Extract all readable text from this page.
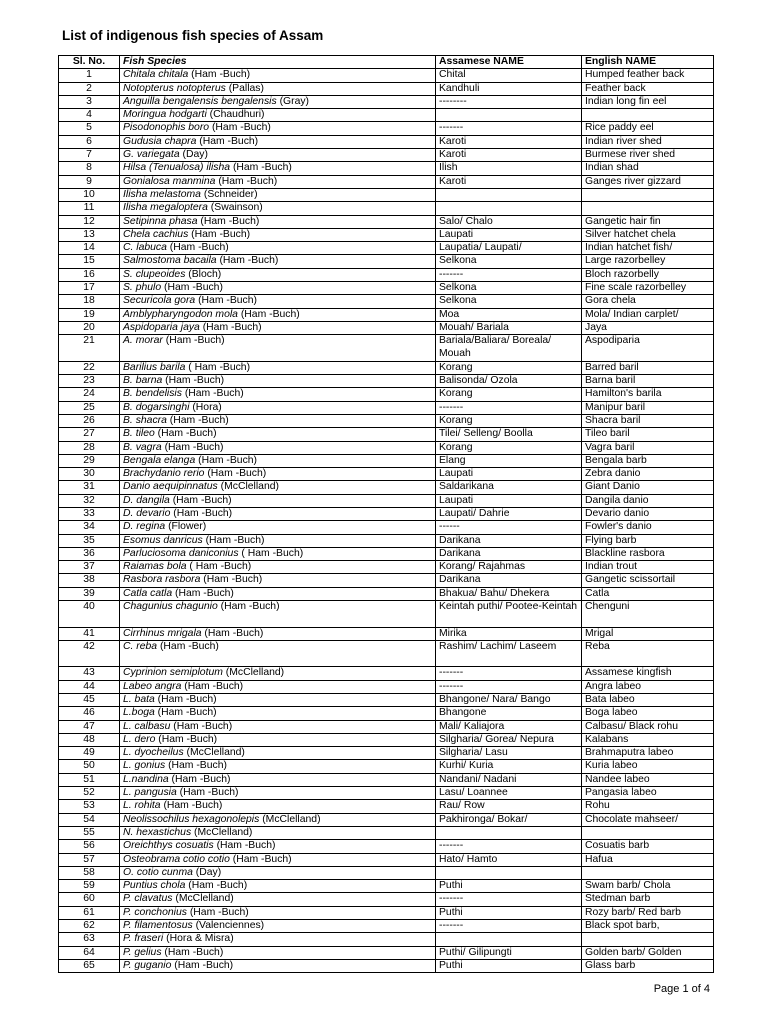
List of indigenous fish species of Assam
Sl. No.	Fish Species	Assamese NAME	English NAME
1	Chitala chitala (Ham -Buch)	Chital	Humped feather back
2	Notopterus notopterus (Pallas)	Kandhuli	Feather back
3	Anguilla bengalensis bengalensis (Gray)	--------	Indian long fin eel
4	Moringua hodgarti (Chaudhuri)		
5	Pisodonophis boro (Ham -Buch)	-------	Rice paddy eel
6	Gudusia chapra (Ham -Buch)	Karoti	Indian river shed
7	G. variegata (Day)	Karoti	Burmese river shed
8	Hilsa (Tenualosa) ilisha (Ham -Buch)	Ilish	Indian shad
9	Gonialosa manmina (Ham -Buch)	Karoti	Ganges river gizzard
10	Ilisha melastoma (Schneider)		
11	Ilisha megaloptera (Swainson)		
12	Setipinna phasa (Ham -Buch)	Salo/ Chalo	Gangetic hair fin
13	Chela cachius (Ham -Buch)	Laupati	Silver hatchet chela
14	C. labuca (Ham -Buch)	Laupatia/ Laupati/	Indian hatchet fish/
15	Salmostoma bacaila (Ham -Buch)	Selkona	Large razorbelley
16	S. clupeoides (Bloch)	-------	Bloch razorbelly
17	S. phulo (Ham -Buch)	Selkona	Fine scale razorbelley
18	Securicola gora (Ham -Buch)	Selkona	Gora chela
19	Amblypharyngodon mola (Ham -Buch)	Moa	Mola/ Indian carplet/
20	Aspidoparia jaya (Ham -Buch)	Mouah/ Bariala	Jaya
21	A. morar (Ham -Buch)	Bariala/Baliara/ Boreala/ Mouah	Aspodiparia
22	Barilius barila ( Ham -Buch)	Korang	Barred baril
23	B. barna (Ham -Buch)	Balisonda/ Ozola	Barna baril
24	B. bendelisis (Ham -Buch)	Korang	Hamilton's barila
25	B. dogarsinghi (Hora)	-------	Manipur baril
26	B. shacra (Ham -Buch)	Korang	Shacra baril
27	B. tileo (Ham -Buch)	Tilei/ Selleng/ Boolla	Tileo baril
28	B. vagra (Ham -Buch)	Korang	Vagra baril
29	Bengala elanga (Ham -Buch)	Elang	Bengala barb
30	Brachydanio rerio (Ham -Buch)	Laupati	Zebra danio
31	Danio aequipinnatus (McClelland)	Saldarikana	Giant Danio
32	D. dangila (Ham -Buch)	Laupati	Dangila danio
33	D. devario (Ham -Buch)	Laupati/ Dahrie	Devario danio
34	D. regina (Flower)	------	Fowler's danio
35	Esomus danricus (Ham -Buch)	Darikana	Flying barb
36	Parluciosoma daniconius ( Ham -Buch)	Darikana	Blackline rasbora
37	Raiamas bola ( Ham -Buch)	Korang/ Rajahmas	Indian trout
38	Rasbora rasbora (Ham -Buch)	Darikana	Gangetic scissortail
39	Catla catla (Ham -Buch)	Bhakua/ Bahu/ Dhekera	Catla
40	Chagunius chagunio (Ham -Buch)	Keintah puthi/ Pootee-Keintah	Chenguni
41	Cirrhinus mrigala (Ham -Buch)	Mirika	Mrigal
42	C. reba (Ham -Buch)	Rashim/ Lachim/ Laseem	Reba
43	Cyprinion semiplotum (McClelland)	-------	Assamese kingfish
44	Labeo angra (Ham -Buch)	-------	Angra labeo
45	L. bata (Ham -Buch)	Bhangone/ Nara/ Bango	Bata labeo
46	L.boga (Ham -Buch)	Bhangone	Boga labeo
47	L. calbasu (Ham -Buch)	Mali/ Kaliajora	Calbasu/ Black rohu
48	L. dero (Ham -Buch)	Silgharia/ Gorea/ Nepura	Kalabans
49	L. dyocheilus (McClelland)	Silgharia/ Lasu	Brahmaputra labeo
50	L. gonius (Ham -Buch)	Kurhi/ Kuria	Kuria labeo
51	L.nandina (Ham -Buch)	Nandani/ Nadani	Nandee labeo
52	L. pangusia (Ham -Buch)	Lasu/ Loannee	Pangasia labeo
53	L. rohita (Ham -Buch)	Rau/ Row	Rohu
54	Neolissochilus hexagonolepis (McClelland)	Pakhironga/ Bokar/	Chocolate mahseer/
55	N. hexastichus (McClelland)		
56	Oreichthys cosuatis (Ham -Buch)	-------	Cosuatis barb
57	Osteobrama cotio cotio (Ham -Buch)	Hato/ Hamto	Hafua
58	O. cotio cunma (Day)		
59	Puntius chola (Ham -Buch)	Puthi	Swam barb/ Chola
60	P. clavatus (McClelland)	-------	Stedman barb
61	P. conchonius (Ham -Buch)	Puthi	Rozy barb/ Red barb
62	P. filamentosus (Valenciennes)	-------	Black spot barb,
63	P. fraseri (Hora & Misra)		
64	P. gelius (Ham -Buch)	Puthi/ Gilipungti	Golden barb/ Golden
65	P. guganio (Ham -Buch)	Puthi	Glass barb
Page 1 of 4
